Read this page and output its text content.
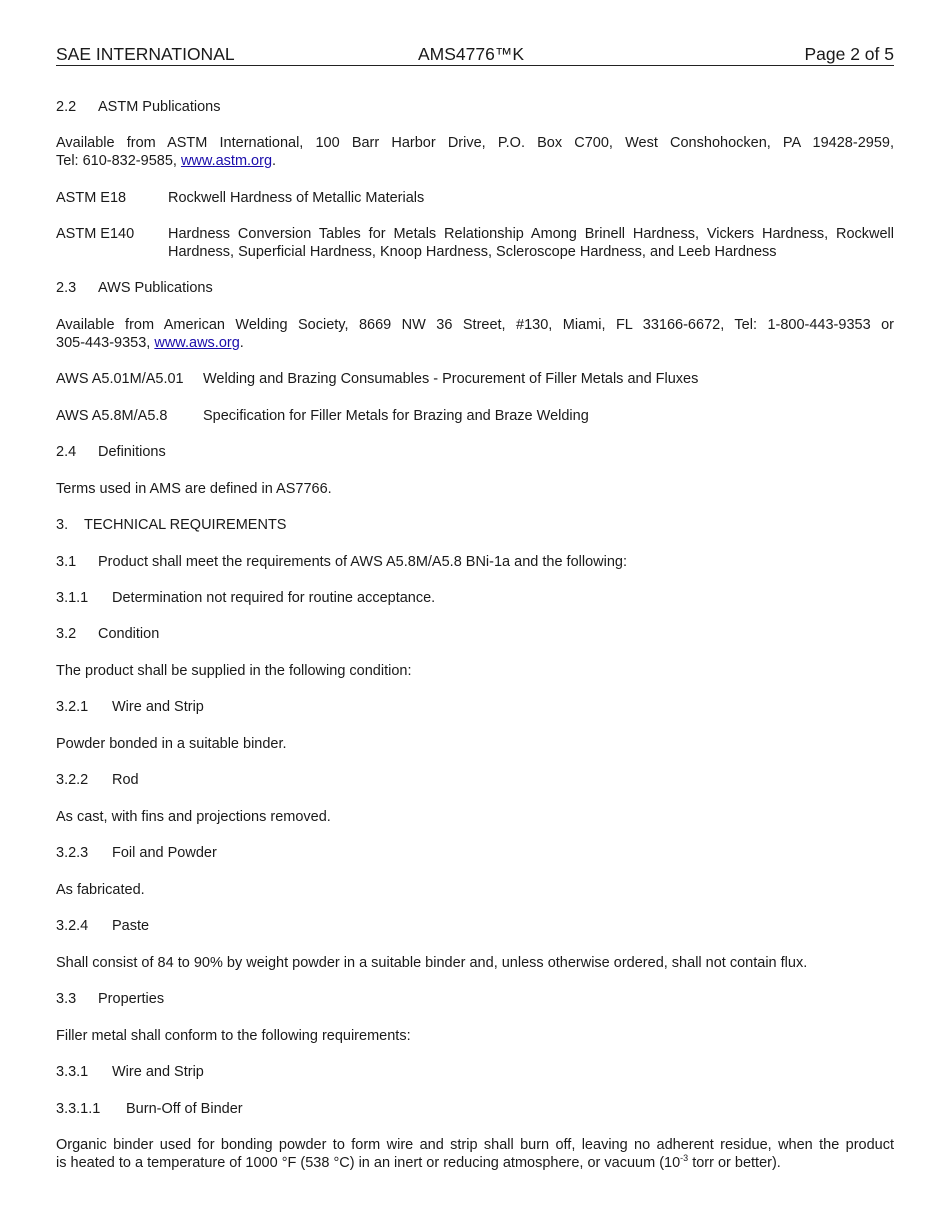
SAE INTERNATIONAL	AMS4776™K	Page 2 of 5
2.2 ASTM Publications
Available from ASTM International, 100 Barr Harbor Drive, P.O. Box C700, West Conshohocken, PA 19428-2959,
Tel: 610-832-9585, www.astm.org.
ASTM E18	Rockwell Hardness of Metallic Materials
ASTM E140 Hardness Conversion Tables for Metals Relationship Among Brinell Hardness, Vickers Hardness, Rockwell
Hardness, Superficial Hardness, Knoop Hardness, Scleroscope Hardness, and Leeb Hardness
2.3 AWS Publications
Available from American Welding Society, 8669 NW 36 Street, #130, Miami, FL 33166-6672, Tel: 1-800-443-9353 or
305-443-9353, www.aws.org.
AWS A5.01M/A5.01 Welding and Brazing Consumables - Procurement of Filler Metals and Fluxes
AWS A5.8M/A5.8 Specification for Filler Metals for Brazing and Braze Welding
2.4 Definitions
Terms used in AMS are defined in AS7766.
3. TECHNICAL REQUIREMENTS
3.1 Product shall meet the requirements of AWS A5.8M/A5.8 BNi-1a and the following:
3.1.1 Determination not required for routine acceptance.
3.2 Condition
The product shall be supplied in the following condition:
3.2.1 Wire and Strip
Powder bonded in a suitable binder.
3.2.2 Rod
As cast, with fins and projections removed.
3.2.3 Foil and Powder
As fabricated.
3.2.4 Paste
Shall consist of 84 to 90% by weight powder in a suitable binder and, unless otherwise ordered, shall not contain flux.
3.3 Properties
Filler metal shall conform to the following requirements:
3.3.1 Wire and Strip
3.3.1.1 Burn-Off of Binder
Organic binder used for bonding powder to form wire and strip shall burn off, leaving no adherent residue, when the product
is heated to a temperature of 1000 °F (538 °C) in an inert or reducing atmosphere, or vacuum ($10^{-3}$ torr or better).
